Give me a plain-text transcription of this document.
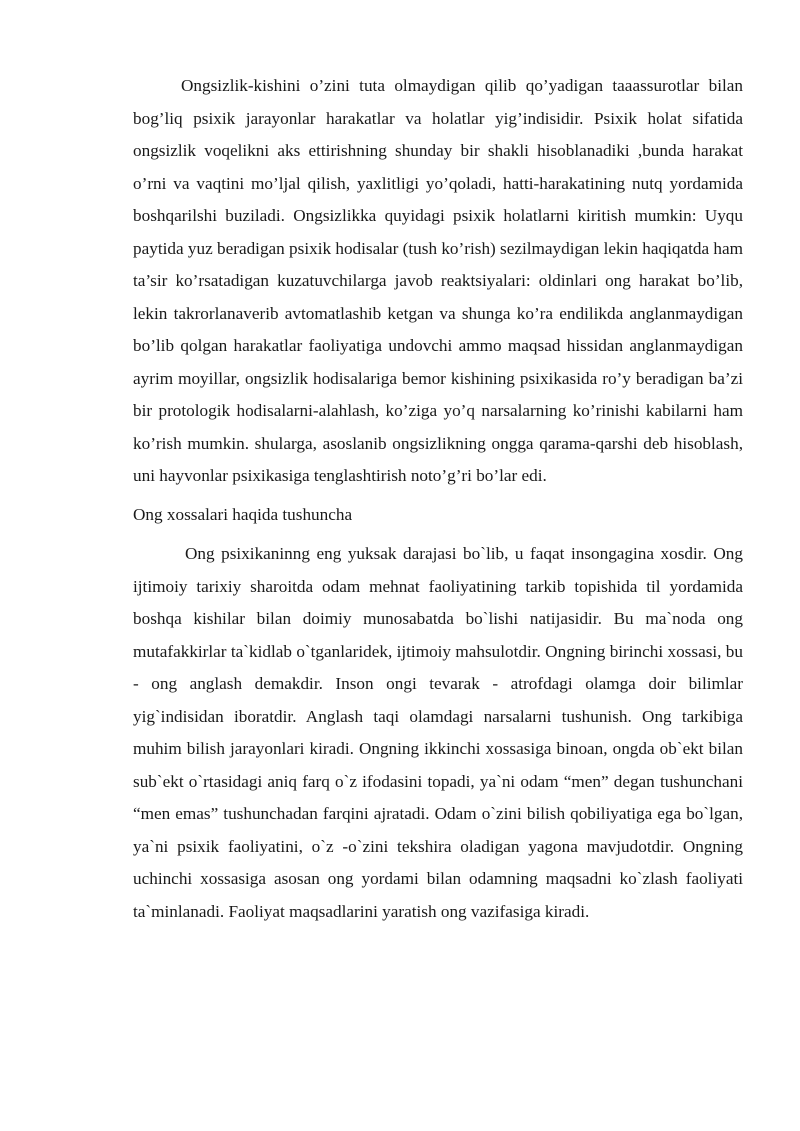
Ongsizlik-kishini o’zini tuta olmaydigan qilib qo’yadigan taaassurotlar bilan bog’liq psixik jarayonlar harakatlar va holatlar yig’indisidir. Psixik holat sifatida ongsizlik voqelikni aks ettirishning shunday bir shakli hisoblanadiki ,bunda harakat o’rni va vaqtini mo’ljal qilish, yaxlitligi yo’qoladi, hatti-harakatining nutq yordamida boshqarilshi buziladi. Ongsizlikka quyidagi psixik holatlarni kiritish mumkin: Uyqu paytida yuz beradigan psixik hodisalar (tush ko’rish) sezilmaydigan lekin haqiqatda ham ta’sir ko’rsatadigan kuzatuvchilarga javob reaktsiyalari: oldinlari ong harakat bo’lib, lekin takrorlanaverib avtomatlashib ketgan va shunga ko’ra endilikda anglanmaydigan bo’lib qolgan harakatlar faoliyatiga undovchi ammo maqsad hissidan anglanmaydigan ayrim moyillar, ongsizlik hodisalariga bemor kishining psixikasida ro’y beradigan ba’zi bir protologik hodisalarni-alahlash, ko’ziga yo’q narsalarning ko’rinishi kabilarni ham ko’rish mumkin. shularga, asoslanib ongsizlikning ongga qarama-qarshi deb hisoblash, uni hayvonlar psixikasiga tenglashtirish noto’g’ri bo’lar edi.

Ong xossalari haqida tushuncha

Ong psixikaninng eng yuksak darajasi bo`lib, u faqat insongagina xosdir. Ong ijtimoiy tarixiy sharoitda odam mehnat faoliyatining tarkib topishida til yordamida boshqa kishilar bilan doimiy munosabatda bo`lishi natijasidir. Bu ma`noda ong mutafakkirlar ta`kidlab o`tganlaridek, ijtimoiy mahsulotdir. Ongning birinchi xossasi, bu - ong anglash demakdir. Inson ongi tevarak - atrofdagi olamga doir bilimlar yig`indisidan iboratdir. Anglash taqi olamdagi narsalarni tushunish. Ong tarkibiga muhim bilish jarayonlari kiradi. Ongning ikkinchi xossasiga binoan, ongda ob`ekt bilan sub`ekt o`rtasidagi aniq farq o`z ifodasini topadi, ya`ni odam “men” degan tushunchani “men emas” tushunchadan farqini ajratadi. Odam o`zini bilish qobiliyatiga ega bo`lgan, ya`ni psixik faoliyatini, o`z -o`zini tekshira oladigan yagona mavjudotdir. Ongning uchinchi xossasiga asosan ong yordami bilan odamning maqsadni ko`zlash faoliyati ta`minlanadi. Faoliyat maqsadlarini yaratish ong vazifasiga kiradi.
